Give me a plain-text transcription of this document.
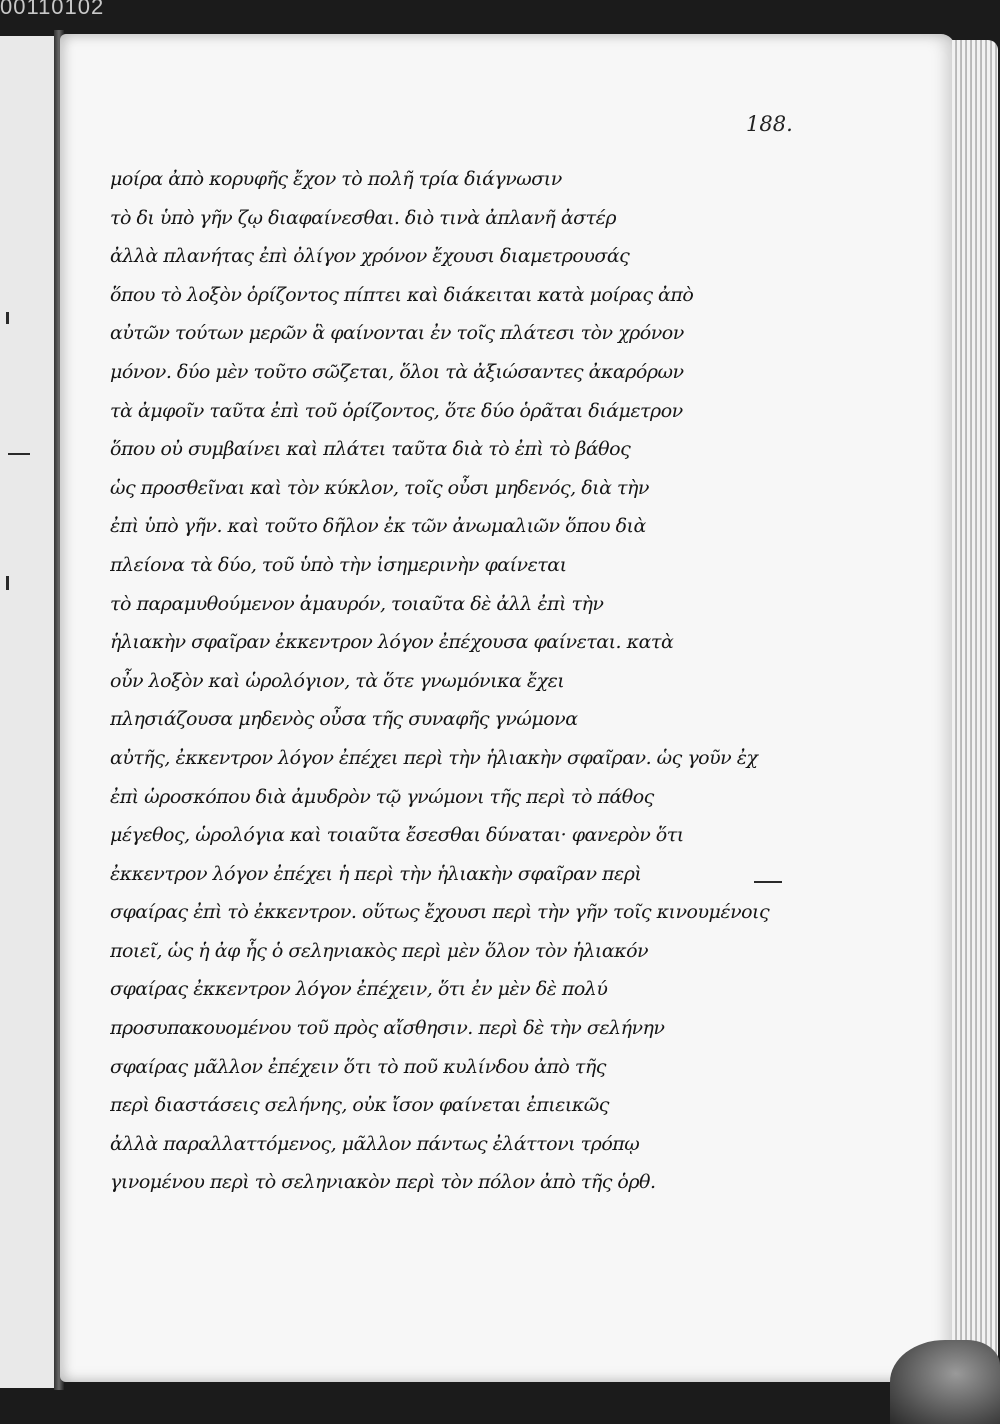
00110102
188.
μοίρα ἀπὸ κορυφῆς ἔχον τὸ πολῆ τρία διάγνωσιν
τὸ δι ὑπὸ γῆν ζῳ διαφαίνεσθαι. διὸ τινὰ ἀπλανῆ ἀστέρ
ἀλλὰ πλανήτας ἐπὶ ὀλίγον χρόνον ἔχουσι διαμετρουσάς
ὅπου τὸ λοξὸν ὁρίζοντος πίπτει καὶ διάκειται κατὰ μοίρας ἀπὸ
αὐτῶν τούτων μερῶν ἃ φαίνονται ἐν τοῖς πλάτεσι τὸν χρόνον
μόνον. δύο μὲν τοῦτο σῶζεται, ὅλοι τὰ ἀξιώσαντες ἀκαρόρων
τὰ ἀμφοῖν ταῦτα ἐπὶ τοῦ ὁρίζοντος, ὅτε δύο ὁρᾶται διάμετρον
ὅπου οὐ συμβαίνει καὶ πλάτει ταῦτα διὰ τὸ ἐπὶ τὸ βάθος
ὡς προσθεῖναι καὶ τὸν κύκλον, τοῖς οὖσι μηδενός, διὰ τὴν
ἐπὶ ὑπὸ γῆν. καὶ τοῦτο δῆλον ἐκ τῶν ἀνωμαλιῶν ὅπου διὰ
πλείονα τὰ δύο, τοῦ ὑπὸ τὴν ἰσημερινὴν φαίνεται
τὸ παραμυθούμενον ἀμαυρόν, τοιαῦτα δὲ ἀλλ ἐπὶ τὴν
ἡλιακὴν σφαῖραν ἐκκεντρον λόγον ἐπέχουσα φαίνεται. κατὰ
οὖν λοξὸν καὶ ὡρολόγιον, τὰ ὅτε γνωμόνικα ἔχει
πλησιάζουσα μηδενὸς οὖσα τῆς συναφῆς γνώμονα
αὐτῆς, ἐκκεντρον λόγον ἐπέχει περὶ τὴν ἡλιακὴν σφαῖραν. ὡς γοῦν ἐχ
ἐπὶ ὡροσκόπου διὰ ἀμυδρὸν τῷ γνώμονι τῆς περὶ τὸ πάθος
μέγεθος, ὡρολόγια καὶ τοιαῦτα ἔσεσθαι δύναται· φανερὸν ὅτι
ἐκκεντρον λόγον ἐπέχει ἡ περὶ τὴν ἡλιακὴν σφαῖραν περὶ
σφαίρας ἐπὶ τὸ ἐκκεντρον. οὕτως ἔχουσι περὶ τὴν γῆν τοῖς κινουμένοις
ποιεῖ, ὡς ἡ ἀφ ἧς ὁ σεληνιακὸς περὶ μὲν ὅλον τὸν ἡλιακόν
σφαίρας ἐκκεντρον λόγον ἐπέχειν, ὅτι ἐν μὲν δὲ πολύ
προσυπακουομένου τοῦ πρὸς αἴσθησιν. περὶ δὲ τὴν σελήνην
σφαίρας μᾶλλον ἐπέχειν ὅτι τὸ ποῦ κυλίνδου ἀπὸ τῆς
περὶ διαστάσεις σελήνης, οὐκ ἴσον φαίνεται ἐπιεικῶς
ἀλλὰ παραλλαττόμενος, μᾶλλον πάντως ἐλάττονι τρόπῳ
γινομένου περὶ τὸ σεληνιακὸν περὶ τὸν πόλον ἀπὸ τῆς ὁρθ.
